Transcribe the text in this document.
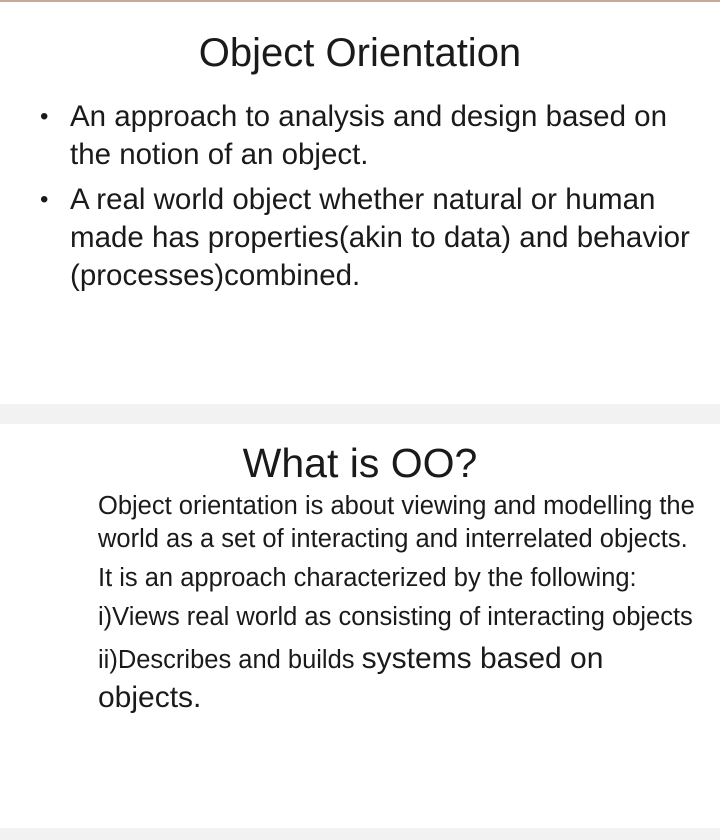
Object Orientation
• An approach to analysis and design based on the notion of an object.
• A real world object whether natural or human made has properties(akin to data) and behavior (processes)combined.
What is OO?

Object orientation is about viewing and modelling the world as a set of interacting and interrelated objects.

It is an approach characterized by the following:

i)Views real world as consisting of interacting objects

ii)Describes and builds systems based on objects.
